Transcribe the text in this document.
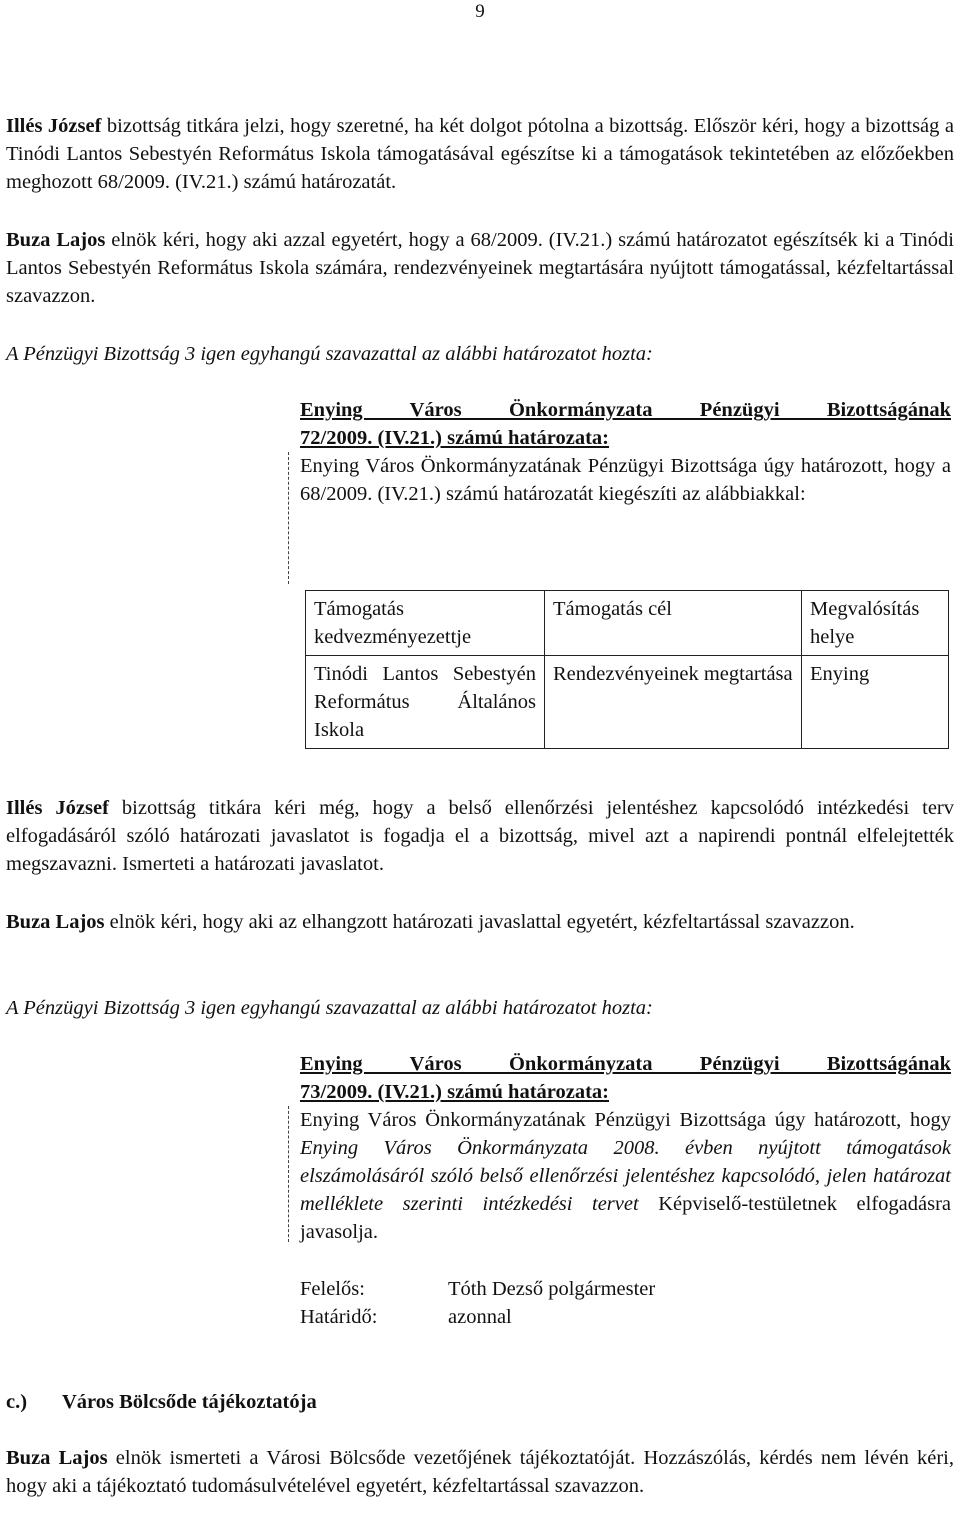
9

Illés József bizottság titkára jelzi, hogy szeretné, ha két dolgot pótolna a bizottság. Először kéri, hogy a bizottság a Tinódi Lantos Sebestyén Református Iskola támogatásával egészítse ki a támogatások tekintetében az előzőekben meghozott 68/2009. (IV.21.) számú határozatát.

Buza Lajos elnök kéri, hogy aki azzal egyetért, hogy a 68/2009. (IV.21.) számú határozatot egészítsék ki a Tinódi Lantos Sebestyén Református Iskola számára, rendezvényeinek megtartására nyújtott támogatással, kézfeltartással szavazzon.

A Pénzügyi Bizottság 3 igen egyhangú szavazattal az alábbi határozatot hozta:

Enying Város Önkormányzata Pénzügyi Bizottságának
72/2009. (IV.21.) számú határozata:

Enying Város Önkormányzatának Pénzügyi Bizottsága úgy határozott, hogy a 68/2009. (IV.21.) számú határozatát kiegészíti az alábbiakkal:

Támogatás kedvezményezettje	Támogatás cél	Megvalósítás helye
Tinódi Lantos Sebestyén Református Általános Iskola	Rendezvényeinek megtartása	Enying

Illés József bizottság titkára kéri még, hogy a belső ellenőrzési jelentéshez kapcsolódó intézkedési terv elfogadásáról szóló határozati javaslatot is fogadja el a bizottság, mivel azt a napirendi pontnál elfelejtették megszavazni. Ismerteti a határozati javaslatot.

Buza Lajos elnök kéri, hogy aki az elhangzott határozati javaslattal egyetért, kézfeltartással szavazzon.

A Pénzügyi Bizottság 3 igen egyhangú szavazattal az alábbi határozatot hozta:

Enying Város Önkormányzata Pénzügyi Bizottságának
73/2009. (IV.21.) számú határozata:

Enying Város Önkormányzatának Pénzügyi Bizottsága úgy határozott, hogy Enying Város Önkormányzata 2008. évben nyújtott támogatások elszámolásáról szóló belső ellenőrzési jelentéshez kapcsolódó, jelen határozat melléklete szerinti intézkedési tervet Képviselő-testületnek elfogadásra javasolja.

Felelős:	Tóth Dezső polgármester
Határidő:	azonnal
c.) Város Bölcsőde tájékoztatója

Buza Lajos elnök ismerteti a Városi Bölcsőde vezetőjének tájékoztatóját. Hozzászólás, kérdés nem lévén kéri, hogy aki a tájékoztató tudomásulvételével egyetért, kézfeltartással szavazzon.
